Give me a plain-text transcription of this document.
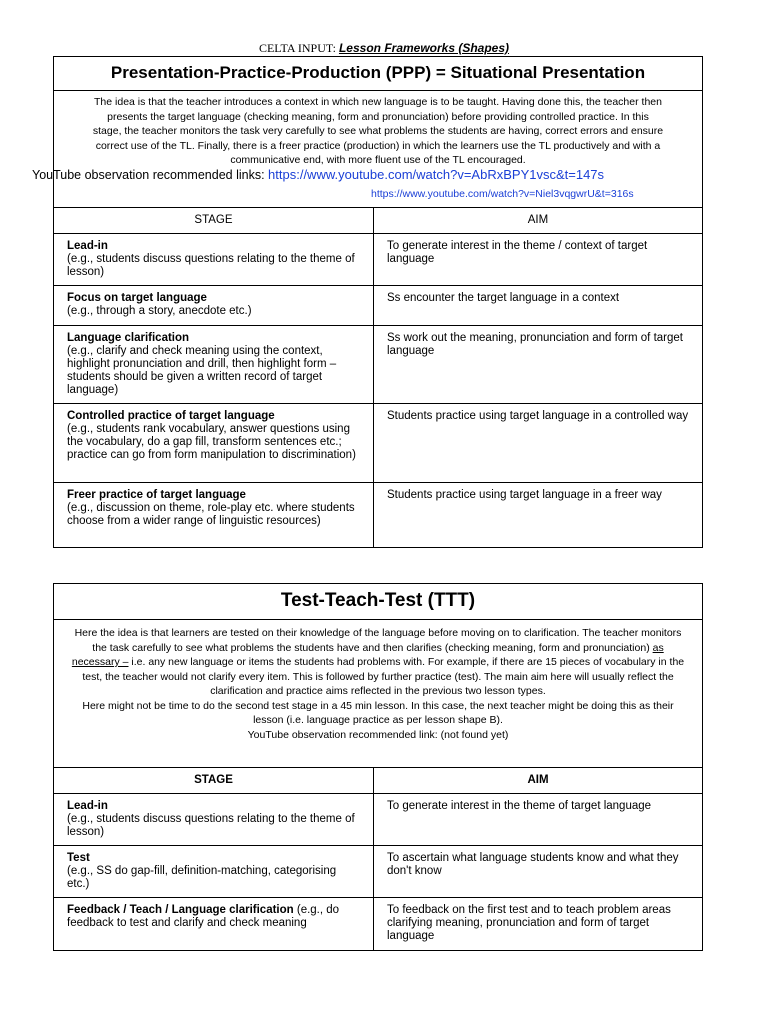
CELTA INPUT: Lesson Frameworks (Shapes)
Presentation-Practice-Production (PPP) = Situational Presentation
The idea is that the teacher introduces a context in which new language is to be taught. Having done this, the teacher then
presents the target language (checking meaning, form and pronunciation) before providing controlled practice. In this
stage, the teacher monitors the task very carefully to see what problems the students are having, correct errors and ensure
correct use of the TL. Finally, there is a freer practice (production) in which the learners use the TL productively and with a
communicative end, with more fluent use of the TL encouraged.
YouTube observation recommended links: https://www.youtube.com/watch?v=AbRxBPY1vsc&t=147s
https://www.youtube.com/watch?v=Niel3vqgwrU&t=316s
STAGE	AIM

Lead-in
(e.g., students discuss questions relating to the theme of lesson)	To generate interest in the theme / context of target language

Focus on target language
(e.g., through a story, anecdote etc.)	Ss encounter the target language in a context

Language clarification
(e.g., clarify and check meaning using the context, highlight pronunciation and drill, then highlight form – students should be given a written record of target language)	Ss work out the meaning, pronunciation and form of target language

Controlled practice of target language
(e.g., students rank vocabulary, answer questions using the vocabulary, do a gap fill, transform sentences etc.; practice can go from form manipulation to discrimination)	Students practice using target language in a controlled way

Freer practice of target language
(e.g., discussion on theme, role-play etc. where students choose from a wider range of linguistic resources)	Students practice using target language in a freer way
Test-Teach-Test (TTT)
Here the idea is that learners are tested on their knowledge of the language before moving on to clarification. The teacher monitors the task carefully to see what problems the students have and then clarifies (checking meaning, form and pronunciation) as necessary – i.e. any new language or items the students had problems with. For example, if there are 15 pieces of vocabulary in the test, the teacher would not clarify every item. This is followed by further practice (test). The main aim here will usually reflect the clarification and practice aims reflected in the previous two lesson types.
Here might not be time to do the second test stage in a 45 min lesson. In this case, the next teacher might be doing this as their lesson (i.e. language practice as per lesson shape B).
YouTube observation recommended link: (not found yet)
STAGE	AIM

Lead-in
(e.g., students discuss questions relating to the theme of lesson)	To generate interest in the theme of target language

Test
(e.g., SS do gap-fill, definition-matching, categorising etc.)	To ascertain what language students know and what they don't know

Feedback / Teach / Language clarification (e.g., do feedback to test and clarify and check meaning	To feedback on the first test and to teach problem areas clarifying meaning, pronunciation and form of target language
